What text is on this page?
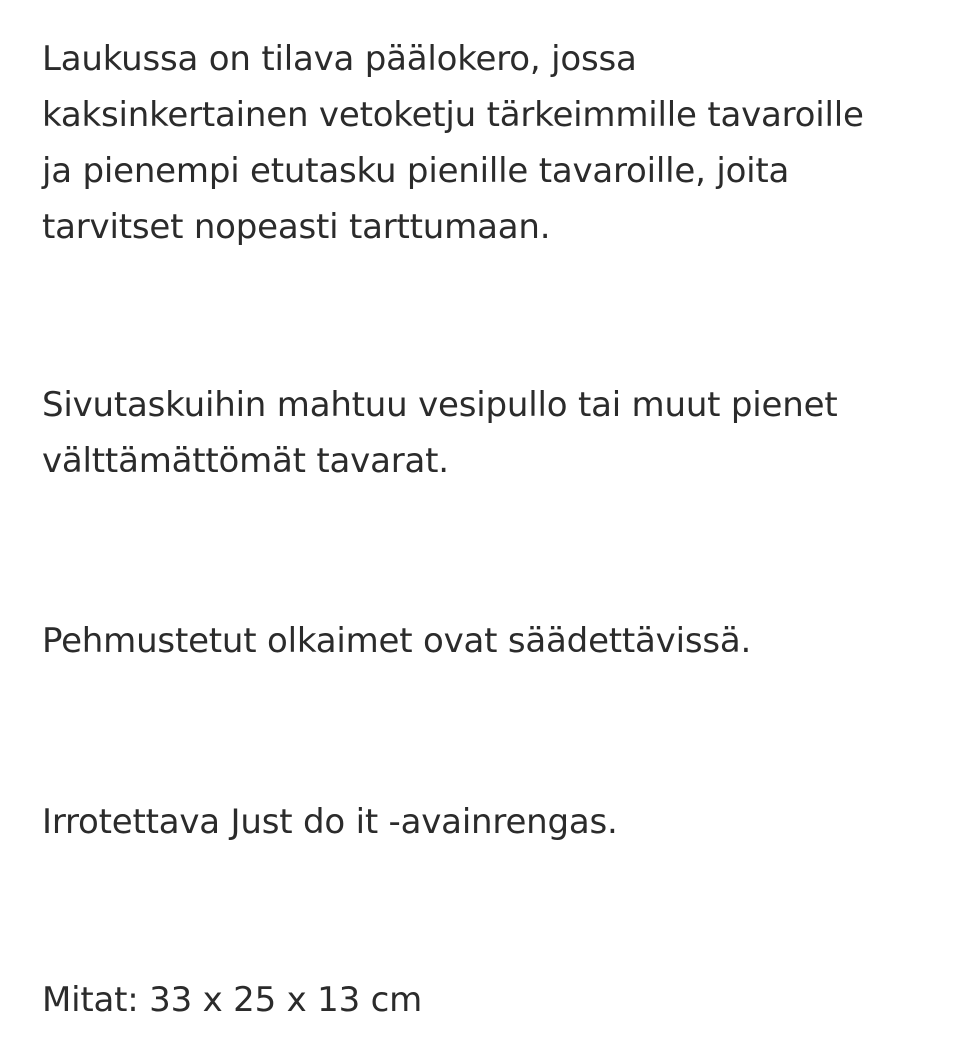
Laukussa on tilava päälokero, jossa
kaksinkertainen vetoketju tärkeimmille tavaroille
ja pienempi etutasku pienille tavaroille, joita
tarvitset nopeasti tarttumaan.

Sivutaskuihin mahtuu vesipullo tai muut pienet
välttämättömät tavarat.

Pehmustetut olkaimet ovat säädettävissä.

Irrotettava Just do it -avainrengas.

Mitat: 33 x 25 x 13 cm
